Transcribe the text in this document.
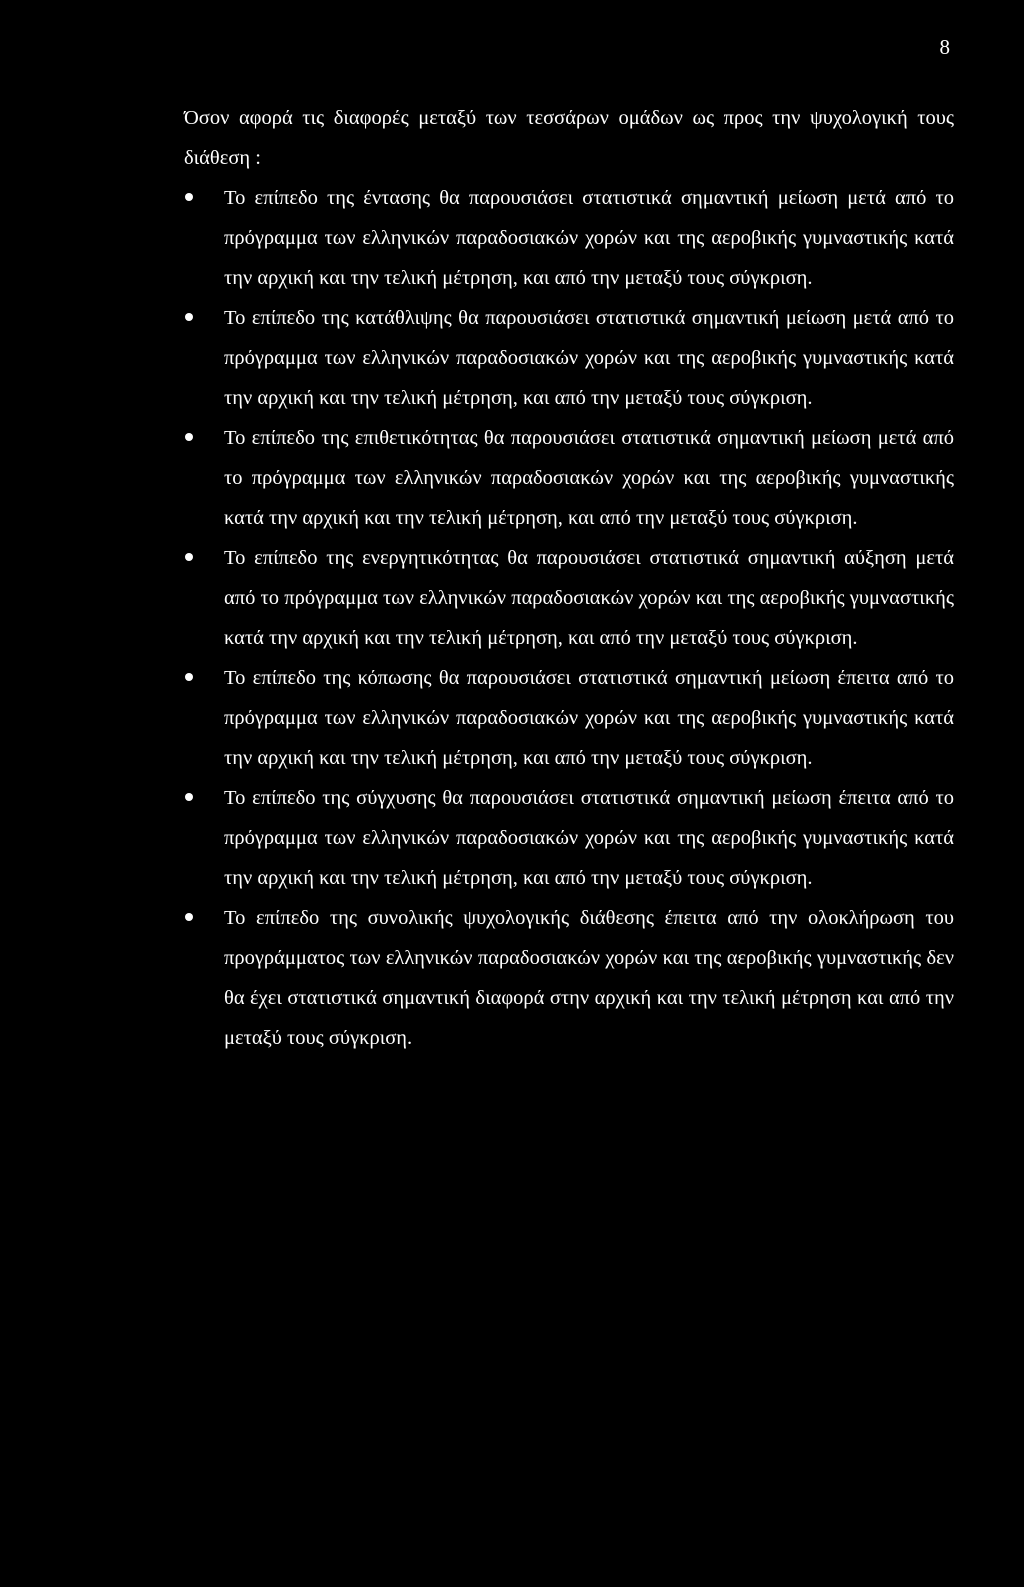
8

Όσον αφορά τις διαφορές μεταξύ των τεσσάρων ομάδων ως προς την ψυχολογική τους διάθεση :

Το επίπεδο της έντασης θα παρουσιάσει στατιστικά σημαντική μείωση μετά από το πρόγραμμα των ελληνικών παραδοσιακών χορών και της αεροβικής γυμναστικής κατά την αρχική και την τελική μέτρηση, και από την μεταξύ τους σύγκριση.
Το επίπεδο της κατάθλιψης θα παρουσιάσει στατιστικά σημαντική μείωση μετά από το πρόγραμμα των ελληνικών παραδοσιακών χορών και της αεροβικής γυμναστικής κατά την αρχική και την τελική μέτρηση, και από την μεταξύ τους σύγκριση.
Το επίπεδο της επιθετικότητας θα παρουσιάσει στατιστικά σημαντική μείωση μετά από το πρόγραμμα των ελληνικών παραδοσιακών χορών και της αεροβικής γυμναστικής κατά την αρχική και την τελική μέτρηση, και από την μεταξύ τους σύγκριση.
Το επίπεδο της ενεργητικότητας θα παρουσιάσει στατιστικά σημαντική αύξηση μετά από το πρόγραμμα των ελληνικών παραδοσιακών χορών και της αεροβικής γυμναστικής κατά την αρχική και την τελική μέτρηση, και από την μεταξύ τους σύγκριση.
Το επίπεδο της κόπωσης θα παρουσιάσει στατιστικά σημαντική μείωση έπειτα από το πρόγραμμα των ελληνικών παραδοσιακών χορών και της αεροβικής γυμναστικής κατά την αρχική και την τελική μέτρηση, και από την μεταξύ τους σύγκριση.
Το επίπεδο της σύγχυσης θα παρουσιάσει στατιστικά σημαντική μείωση έπειτα από το πρόγραμμα των ελληνικών παραδοσιακών χορών και της αεροβικής γυμναστικής κατά την αρχική και την τελική μέτρηση, και από την μεταξύ τους σύγκριση.
Το επίπεδο της συνολικής ψυχολογικής διάθεσης έπειτα από την ολοκλήρωση του προγράμματος των ελληνικών παραδοσιακών χορών και της αεροβικής γυμναστικής δεν θα έχει στατιστικά σημαντική διαφορά στην αρχική και την τελική μέτρηση και από την μεταξύ τους σύγκριση.
